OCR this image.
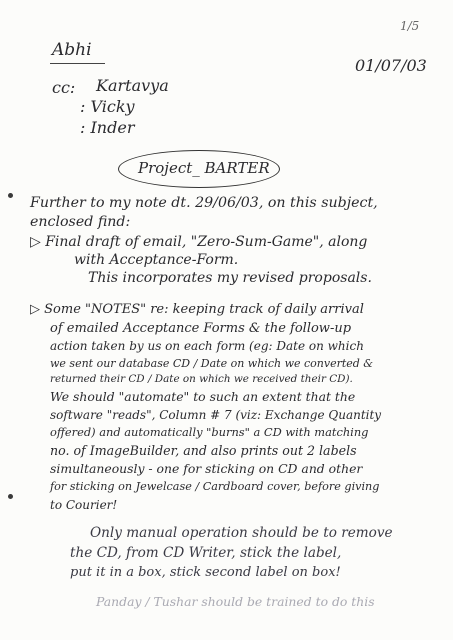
1/5
Abhi
01/07/03
cc: Kartavya
: Vicky
: Inder
Project_ BARTER
Further to my note dt. 29/06/03, on this subject,
enclosed find:
▷ Final draft of email, "Zero-Sum-Game", along
with Acceptance-Form.
This incorporates my revised proposals.
▷ Some "NOTES" re: keeping track of daily arrival
of emailed Acceptance Forms & the follow-up
action taken by us on each form (eg: Date on which
we sent our database CD / Date on which we converted &
returned their CD / Date on which we received their CD).
We should "automate" to such an extent that the
software "reads", Column # 7 (viz: Exchange Quantity
offered) and automatically "burns" a CD with matching
no. of ImageBuilder, and also prints out 2 labels
simultaneously - one for sticking on CD and other
for sticking on Jewelcase / Cardboard cover, before giving
to Courier!
Only manual operation should be to remove
the CD, from CD Writer, stick the label,
put it in a box, stick second label on box!
Panday / Tushar should be trained to do this
